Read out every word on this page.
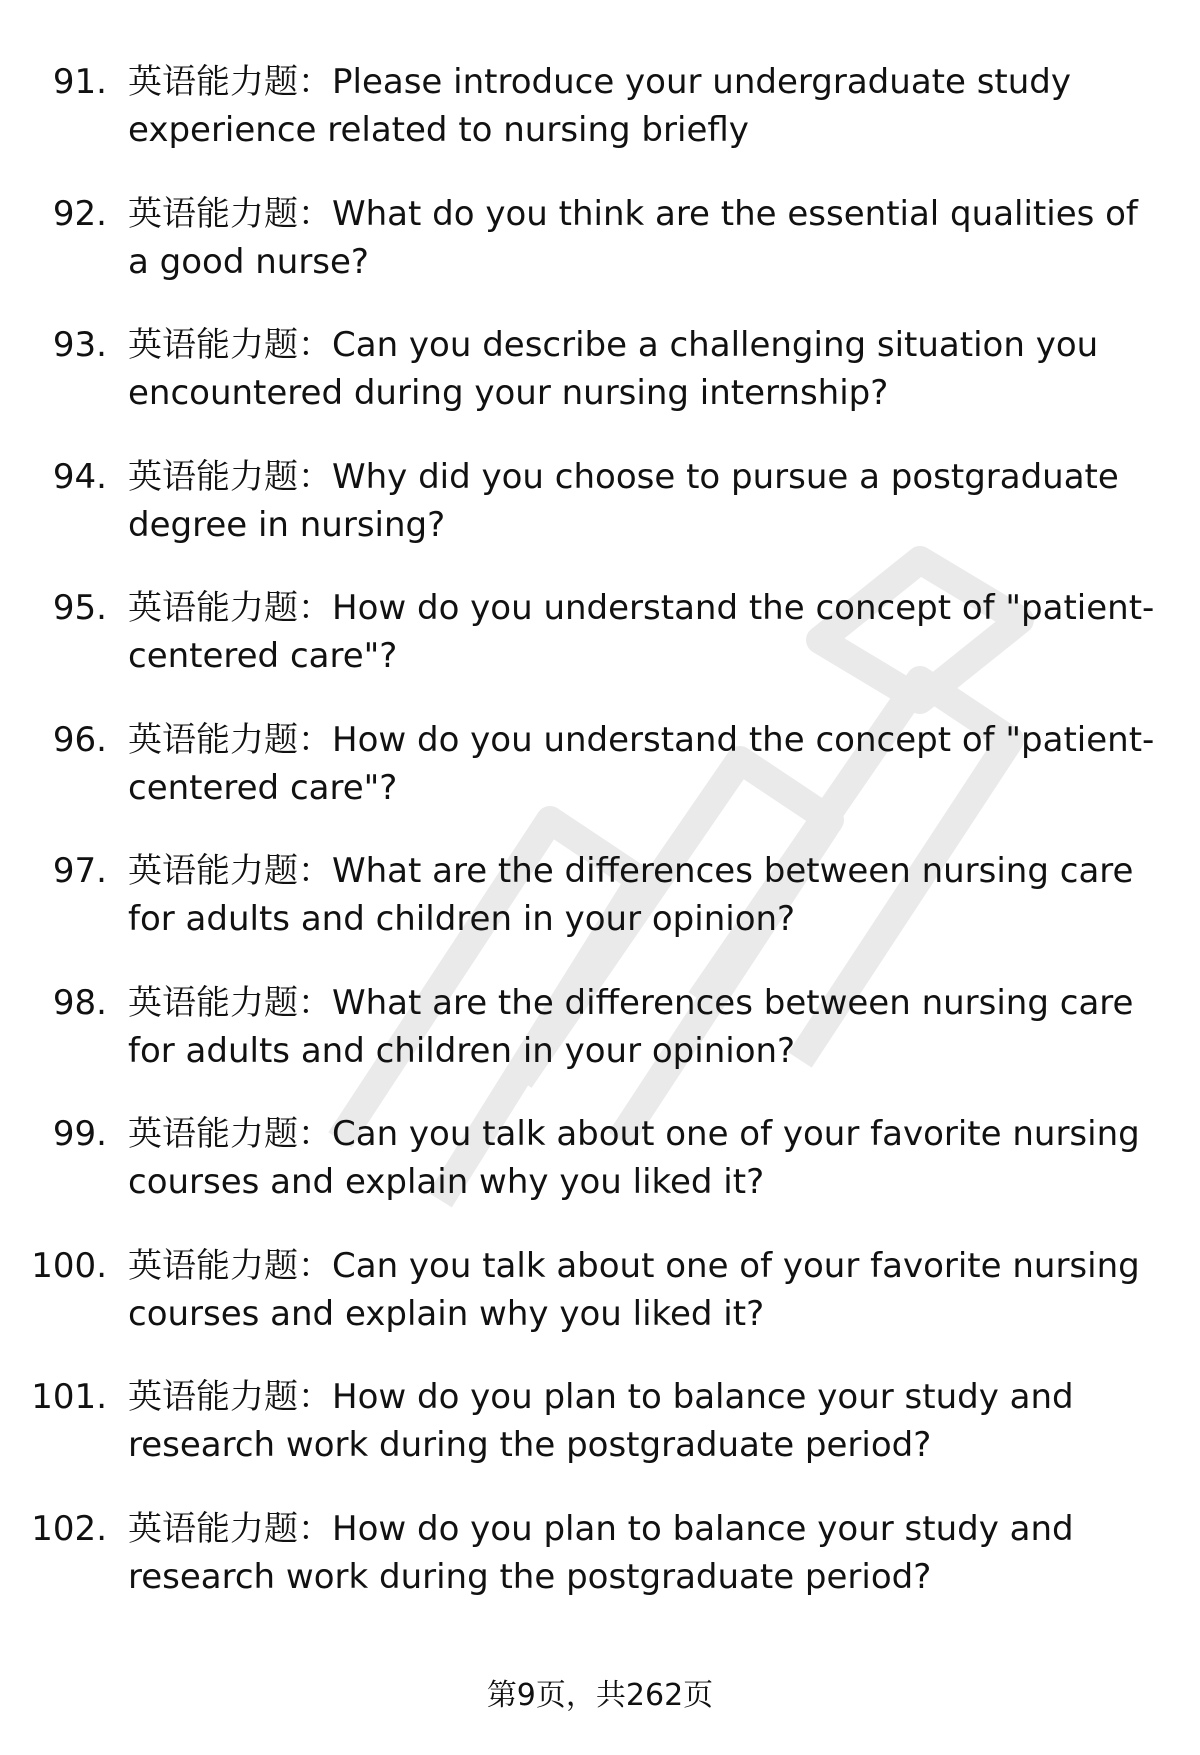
91. 英语能力题：Please introduce your undergraduate study experience related to nursing briefly
92. 英语能力题：What do you think are the essential qualities of a good nurse?
93. 英语能力题：Can you describe a challenging situation you encountered during your nursing internship?
94. 英语能力题：Why did you choose to pursue a postgraduate degree in nursing?
95. 英语能力题：How do you understand the concept of "patient-centered care"?
96. 英语能力题：How do you understand the concept of "patient-centered care"?
97. 英语能力题：What are the differences between nursing care for adults and children in your opinion?
98. 英语能力题：What are the differences between nursing care for adults and children in your opinion?
99. 英语能力题：Can you talk about one of your favorite nursing courses and explain why you liked it?
100. 英语能力题：Can you talk about one of your favorite nursing courses and explain why you liked it?
101. 英语能力题：How do you plan to balance your study and research work during the postgraduate period?
102. 英语能力题：How do you plan to balance your study and research work during the postgraduate period?
第9页，共262页
